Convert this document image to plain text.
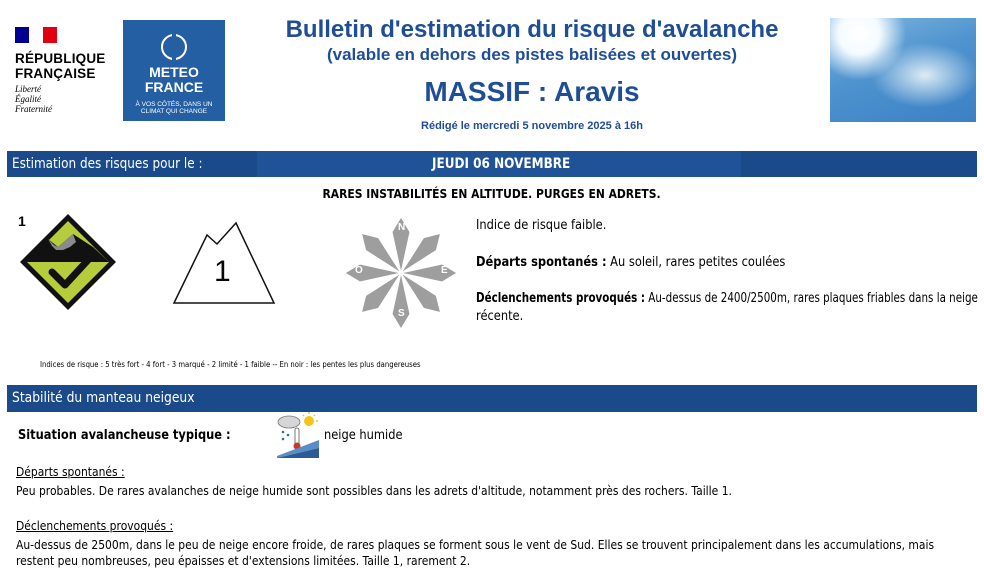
RÉPUBLIQUE
FRANÇAISE
Liberté
Égalité
Fraternité
METEO
FRANCE
À VOS CÔTÉS, DANS UN
CLIMAT QUI CHANGE
Bulletin d'estimation du risque d'avalanche
(valable en dehors des pistes balisées et ouvertes)
MASSIF : Aravis
Rédigé le mercredi 5 novembre 2025 à 16h
Estimation des risques pour le :	JEUDI 06 NOVEMBRE
RARES INSTABILITÉS EN ALTITUDE. PURGES EN ADRETS.
1
1
N
E
S
O
Indice de risque faible.
Départs spontanés : Au soleil, rares petites coulées
Déclenchements provoqués : Au-dessus de 2400/2500m, rares plaques friables dans la neige
récente.
Indices de risque : 5 très fort - 4 fort - 3 marqué - 2 limité - 1 faible -- En noir : les pentes les plus dangereuses
Stabilité du manteau neigeux
Situation avalancheuse typique :	neige humide
Départs spontanés :
Peu probables. De rares avalanches de neige humide sont possibles dans les adrets d'altitude, notamment près des rochers. Taille 1.
Déclenchements provoqués :
Au-dessus de 2500m, dans le peu de neige encore froide, de rares plaques se forment sous le vent de Sud. Elles se trouvent principalement dans les accumulations, mais
restent peu nombreuses, peu épaisses et d'extensions limitées. Taille 1, rarement 2.
